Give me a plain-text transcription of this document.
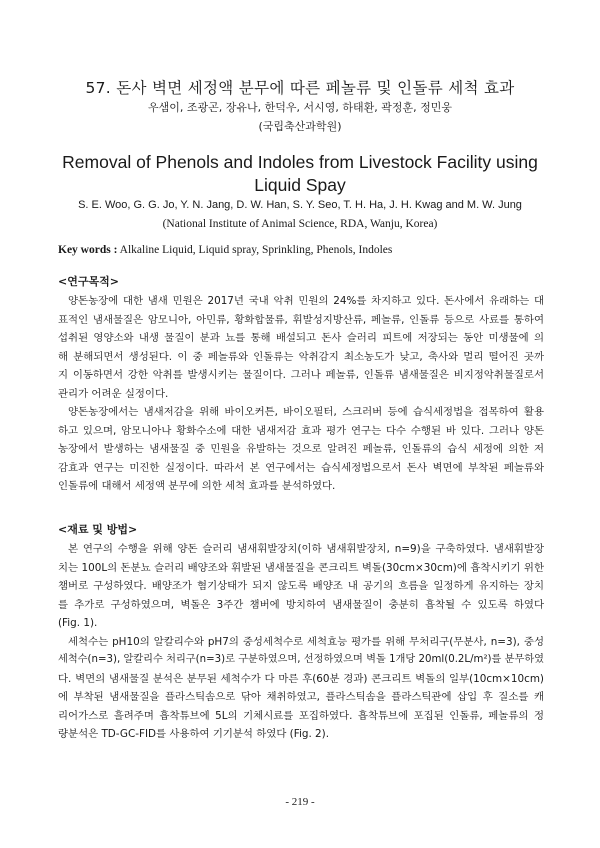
57. 돈사 벽면 세정액 분무에 따른 페놀류 및 인돌류 세척 효과
우샘이, 조광곤, 장유나, 한덕우, 서시영, 하태환, 곽정훈, 정민웅
(국립축산과학원)
Removal of Phenols and Indoles from Livestock Facility using Liquid Spay
S. E. Woo, G. G. Jo, Y. N. Jang, D. W. Han, S. Y. Seo, T. H. Ha, J. H. Kwag and M. W. Jung
(National Institute of Animal Science, RDA, Wanju, Korea)
Key words : Alkaline Liquid, Liquid spray, Sprinkling, Phenols, Indoles
<연구목적>
양돈농장에 대한 냄새 민원은 2017년 국내 악취 민원의 24%를 차지하고 있다. 돈사에서 유래하는 대
표적인 냄새물질은 암모니아, 아민류, 황화합물류, 휘발성지방산류, 페놀류, 인돌류 등으로 사료를 통하여
섭취된 영양소와 내생 물질이 분과 뇨를 통해 배설되고 돈사 슬러리 피트에 저장되는 동안 미생물에 의
해 분해되면서 생성된다. 이 중 페놀류와 인돌류는 악취감지 최소농도가 낮고, 축사와 멀리 떨어진 곳까
지 이동하면서 강한 악취를 발생시키는 물질이다. 그러나 페놀류, 인돌류 냄새물질은 비지정악취물질로서
관리가 어려운 실정이다.
양돈농장에서는 냄새저감을 위해 바이오커튼, 바이오필터, 스크러버 등에 습식세정법을 접목하여 활용
하고 있으며, 암모니아나 황화수소에 대한 냄새저감 효과 평가 연구는 다수 수행된 바 있다. 그러나 양돈
농장에서 발생하는 냄새물질 중 민원을 유발하는 것으로 알려진 페놀류, 인돌류의 습식 세정에 의한 저
감효과 연구는 미진한 실정이다. 따라서 본 연구에서는 습식세정법으로서 돈사 벽면에 부착된 페놀류와
인돌류에 대해서 세정액 분무에 의한 세척 효과를 분석하였다.
<재료 및 방법>
본 연구의 수행을 위해 양돈 슬러리 냄새휘발장치(이하 냄새휘발장치, n=9)을 구축하였다. 냄새휘발장
치는 100L의 돈분뇨 슬러리 배양조와 휘발된 냄새물질을 콘크리트 벽돌(30cm×30cm)에 흡착시키기 위한
챔버로 구성하였다. 배양조가 혐기상태가 되지 않도록 배양조 내 공기의 흐름을 일정하게 유지하는 장치
를 추가로 구성하였으며, 벽돌은 3주간 챔버에 방치하여 냄새물질이 충분히 흡착될 수 있도록 하였다
(Fig. 1).
세척수는 pH10의 알칼리수와 pH7의 중성세척수로 세척효능 평가를 위해 무처리구(무분사, n=3), 중성
세척수(n=3), 알칼리수 처리구(n=3)로 구분하였으며, 선정하였으며 벽돌 1개당 20ml(0.2L/m²)를 분무하였
다. 벽면의 냄새물질 분석은 분무된 세척수가 다 마른 후(60분 경과) 콘크리트 벽돌의 일부(10cm×10cm)
에 부착된 냄새물질을 플라스틱솜으로 닦아 채취하였고, 플라스틱솜을 플라스틱관에 삽입 후 질소를 캐
리어가스로 흘려주며 흡착튜브에 5L의 기체시료를 포집하였다. 흡착튜브에 포집된 인돌류, 페놀류의 정
량분석은 TD-GC-FID를 사용하여 기기분석 하였다 (Fig. 2).
- 219 -
